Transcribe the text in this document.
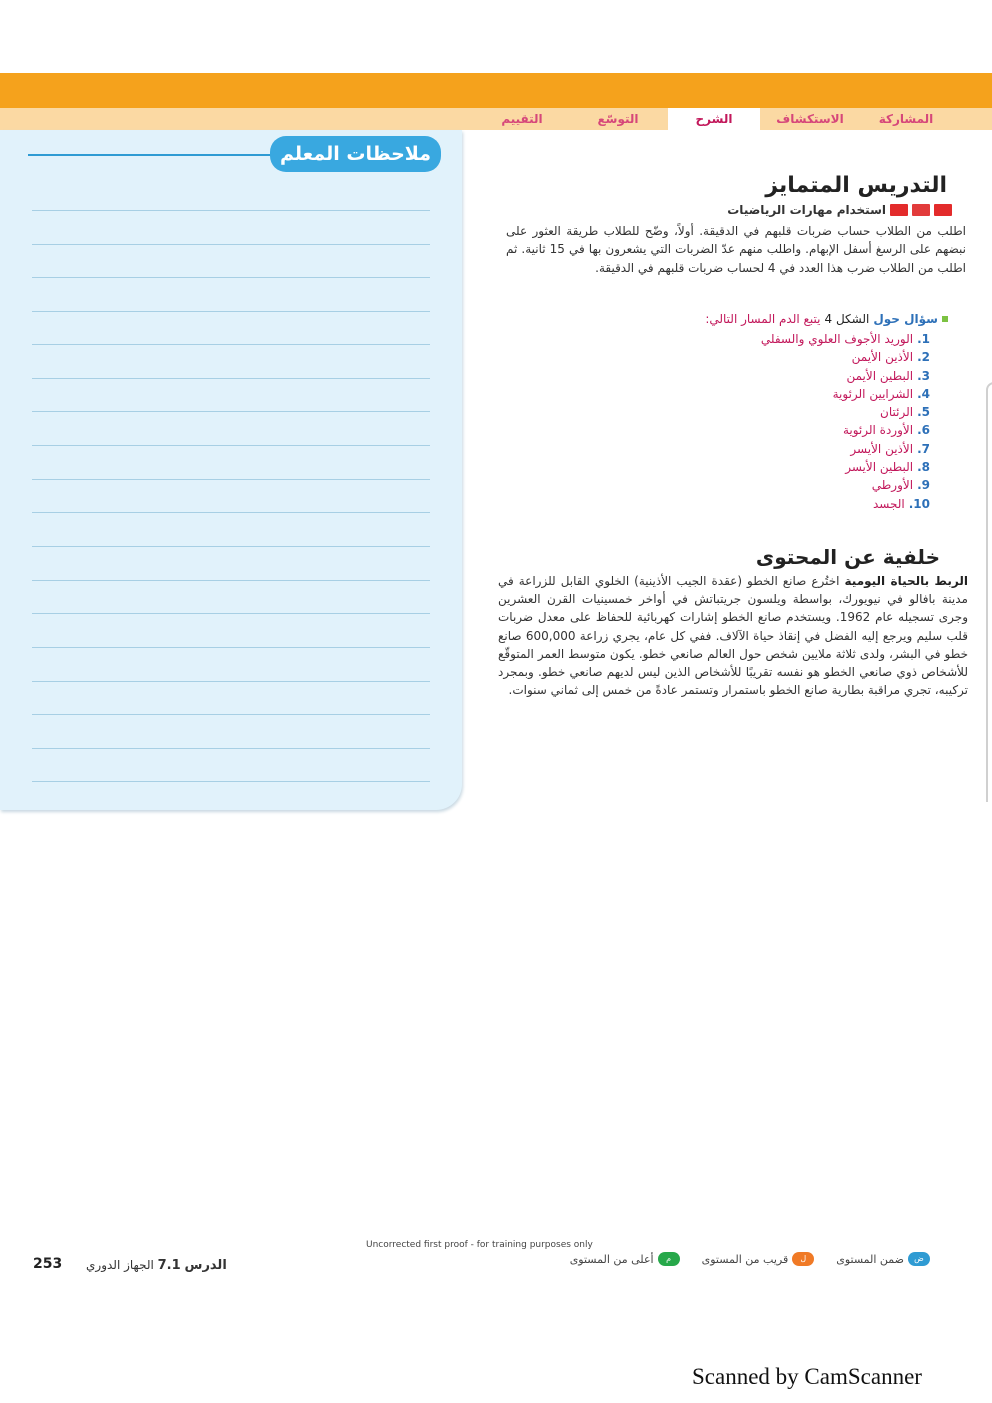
المشاركة
الاستكشاف
الشرح
التوسّع
التقييم
ملاحظات المعلم
التدريس المتمايز
استخدام مهارات الرياضيات
اطلب من الطلاب حساب ضربات قلبهم في الدقيقة. أولاً، وضّح للطلاب طريقة العثور على نبضهم على الرسغ أسفل الإبهام. واطلب منهم عدّ الضربات التي يشعرون بها في 15 ثانية. ثم اطلب من الطلاب ضرب هذا العدد في 4 لحساب ضربات قلبهم في الدقيقة.
سؤال حول
الشكل 4
يتبع الدم المسار التالي:
1.الوريد الأجوف العلوي والسفلي
2.الأذين الأيمن
3.البطين الأيمن
4.الشرايين الرئوية
5.الرئتان
6.الأوردة الرئوية
7.الأذين الأيسر
8.البطين الأيسر
9.الأورطي
10.الجسد
خلفية عن المحتوى
الربط بالحياة اليومية اختُرع صانع الخطو (عقدة الجيب الأذينية) الخلوي القابل للزراعة في مدينة بافالو في نيويورك، بواسطة ويلسون جريتباتش في أواخر خمسينيات القرن العشرين وجرى تسجيله عام 1962. ويستخدم صانع الخطو إشارات كهربائية للحفاظ على معدل ضربات قلب سليم ويرجع إليه الفضل في إنقاذ حياة الآلاف. ففي كل عام، يجري زراعة 600,000 صانع خطو في البشر، ولدى ثلاثة ملايين شخص حول العالم صانعي خطو. يكون متوسط العمر المتوقّع للأشخاص ذوي صانعي الخطو هو نفسه تقريبًا للأشخاص الذين ليس لديهم صانعي خطو. وبمجرد تركيبه، تجري مراقبة بطارية صانع الخطو باستمرار وتستمر عادةً من خمس إلى ثماني سنوات.
Uncorrected first proof - for training purposes only
ض
ضمن المستوى
ل
قريب من المستوى
م
أعلى من المستوى
الدرس 7.1 الجهاز الدوري
253
Scanned by CamScanner
